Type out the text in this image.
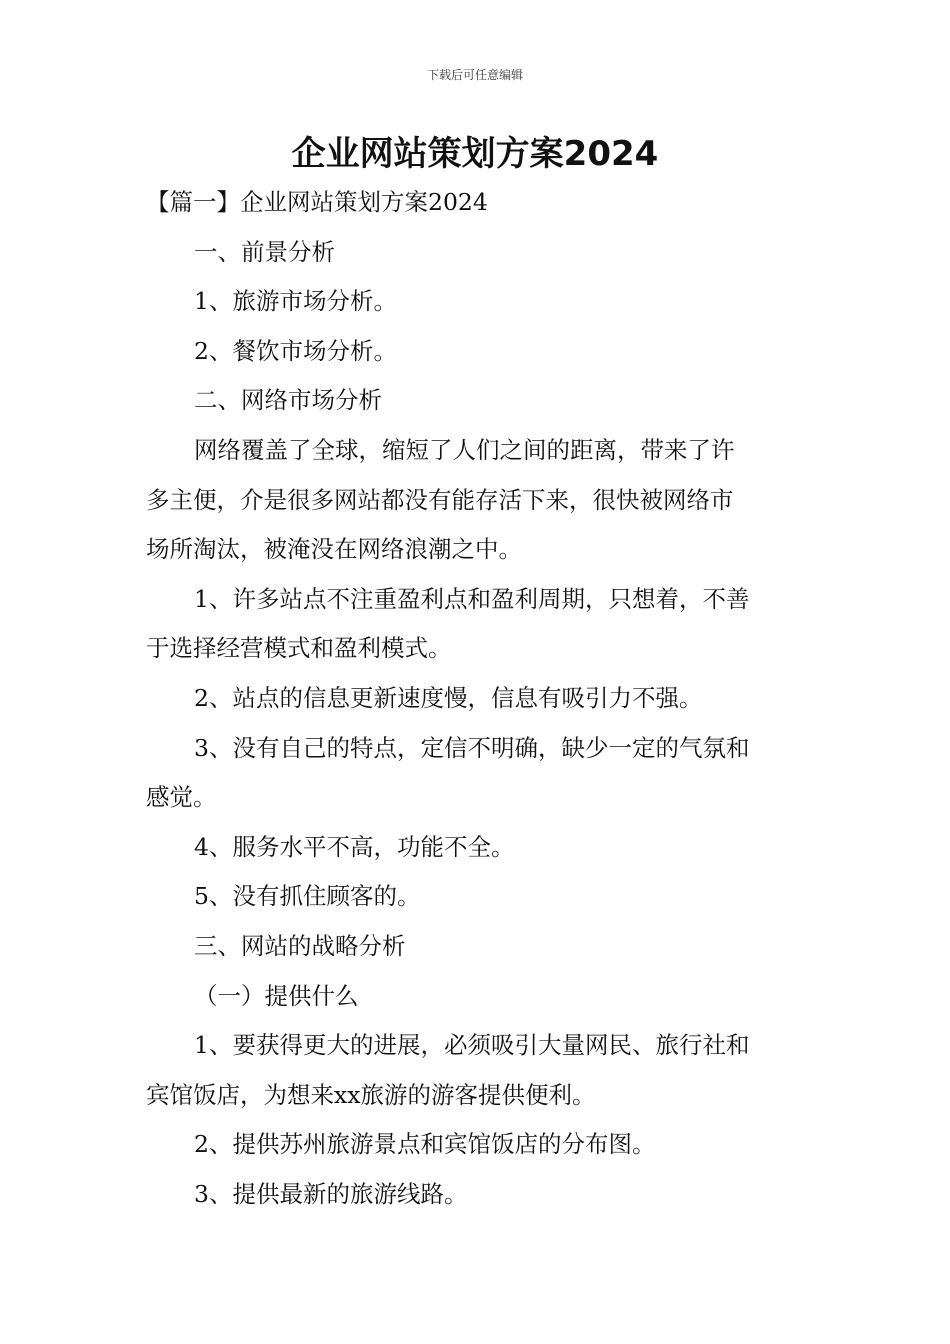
下载后可任意编辑
企业网站策划方案2024
【篇一】企业网站策划方案2024
一、前景分析
1、旅游市场分析。
2、餐饮市场分析。
二、网络市场分析
网络覆盖了全球，缩短了人们之间的距离，带来了许
多主便，介是很多网站都没有能存活下来，很快被网络市
场所淘汰，被淹没在网络浪潮之中。
1、许多站点不注重盈利点和盈利周期，只想着，不善
于选择经营模式和盈利模式。
2、站点的信息更新速度慢，信息有吸引力不强。
3、没有自己的特点，定信不明确，缺少一定的气氛和
感觉。
4、服务水平不高，功能不全。
5、没有抓住顾客的。
三、网站的战略分析
（一）提供什么
1、要获得更大的进展，必须吸引大量网民、旅行社和
宾馆饭店，为想来xx旅游的游客提供便利。
2、提供苏州旅游景点和宾馆饭店的分布图。
3、提供最新的旅游线路。
